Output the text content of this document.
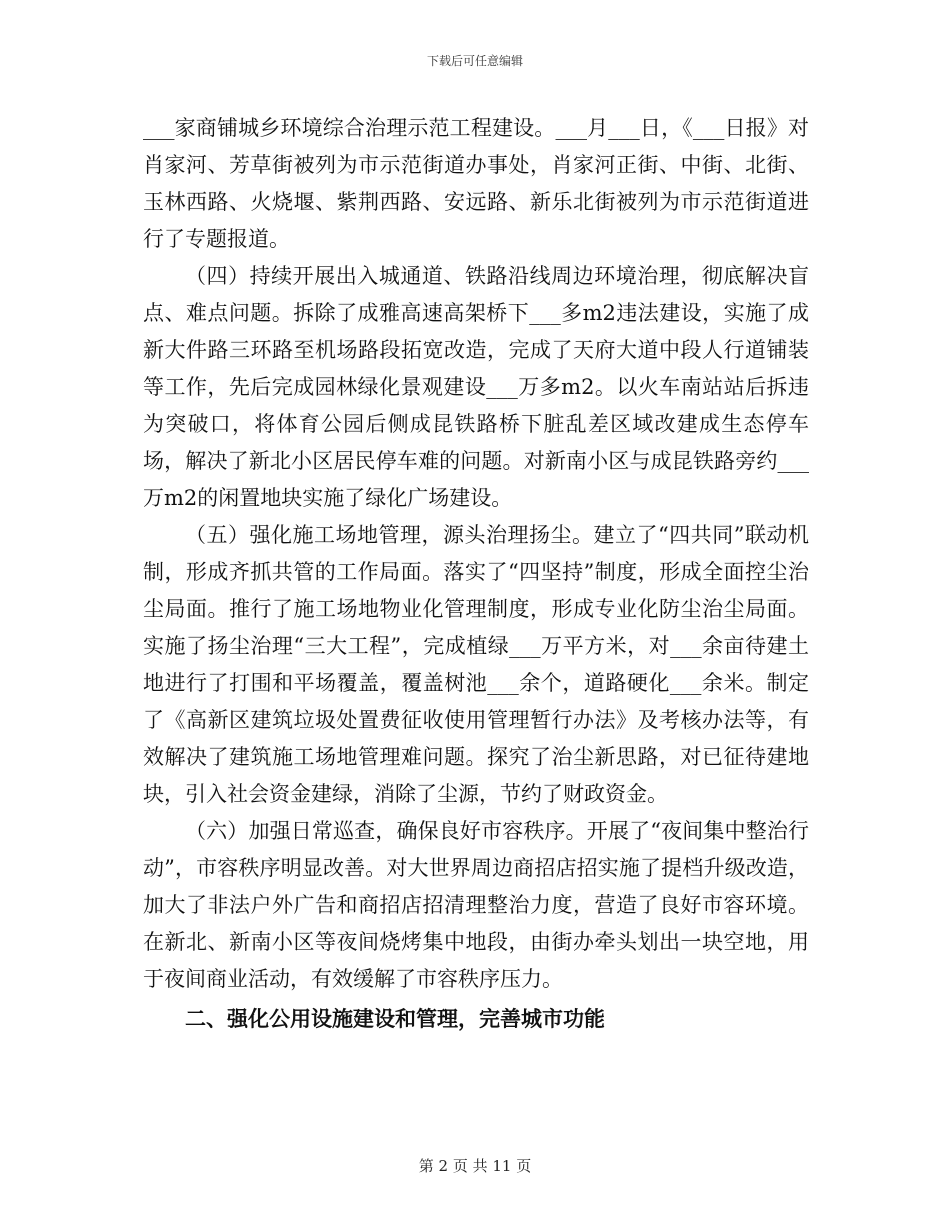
下载后可任意编辑

___家商铺城乡环境综合治理示范工程建设。___月___日，《___日报》对肖家河、芳草街被列为市示范街道办事处，肖家河正街、中街、北街、玉林西路、火烧堰、紫荆西路、安远路、新乐北街被列为市示范街道进行了专题报道。

（四）持续开展出入城通道、铁路沿线周边环境治理，彻底解决盲点、难点问题。拆除了成雅高速高架桥下___多m2违法建设，实施了成新大件路三环路至机场路段拓宽改造，完成了天府大道中段人行道铺装等工作，先后完成园林绿化景观建设___万多m2。以火车南站站后拆违为突破口，将体育公园后侧成昆铁路桥下脏乱差区域改建成生态停车场，解决了新北小区居民停车难的问题。对新南小区与成昆铁路旁约___万m2的闲置地块实施了绿化广场建设。

（五）强化施工场地管理，源头治理扬尘。建立了“四共同”联动机制，形成齐抓共管的工作局面。落实了“四坚持”制度，形成全面控尘治尘局面。推行了施工场地物业化管理制度，形成专业化防尘治尘局面。实施了扬尘治理“三大工程”，完成植绿___万平方米，对___余亩待建土地进行了打围和平场覆盖，覆盖树池___余个，道路硬化___余米。制定了《高新区建筑垃圾处置费征收使用管理暂行办法》及考核办法等，有效解决了建筑施工场地管理难问题。探究了治尘新思路，对已征待建地块，引入社会资金建绿，消除了尘源，节约了财政资金。

（六）加强日常巡查，确保良好市容秩序。开展了“夜间集中整治行动”，市容秩序明显改善。对大世界周边商招店招实施了提档升级改造，加大了非法户外广告和商招店招清理整治力度，营造了良好市容环境。在新北、新南小区等夜间烧烤集中地段，由街办牵头划出一块空地，用于夜间商业活动，有效缓解了市容秩序压力。

二、强化公用设施建设和管理，完善城市功能

第 2 页 共 11 页
